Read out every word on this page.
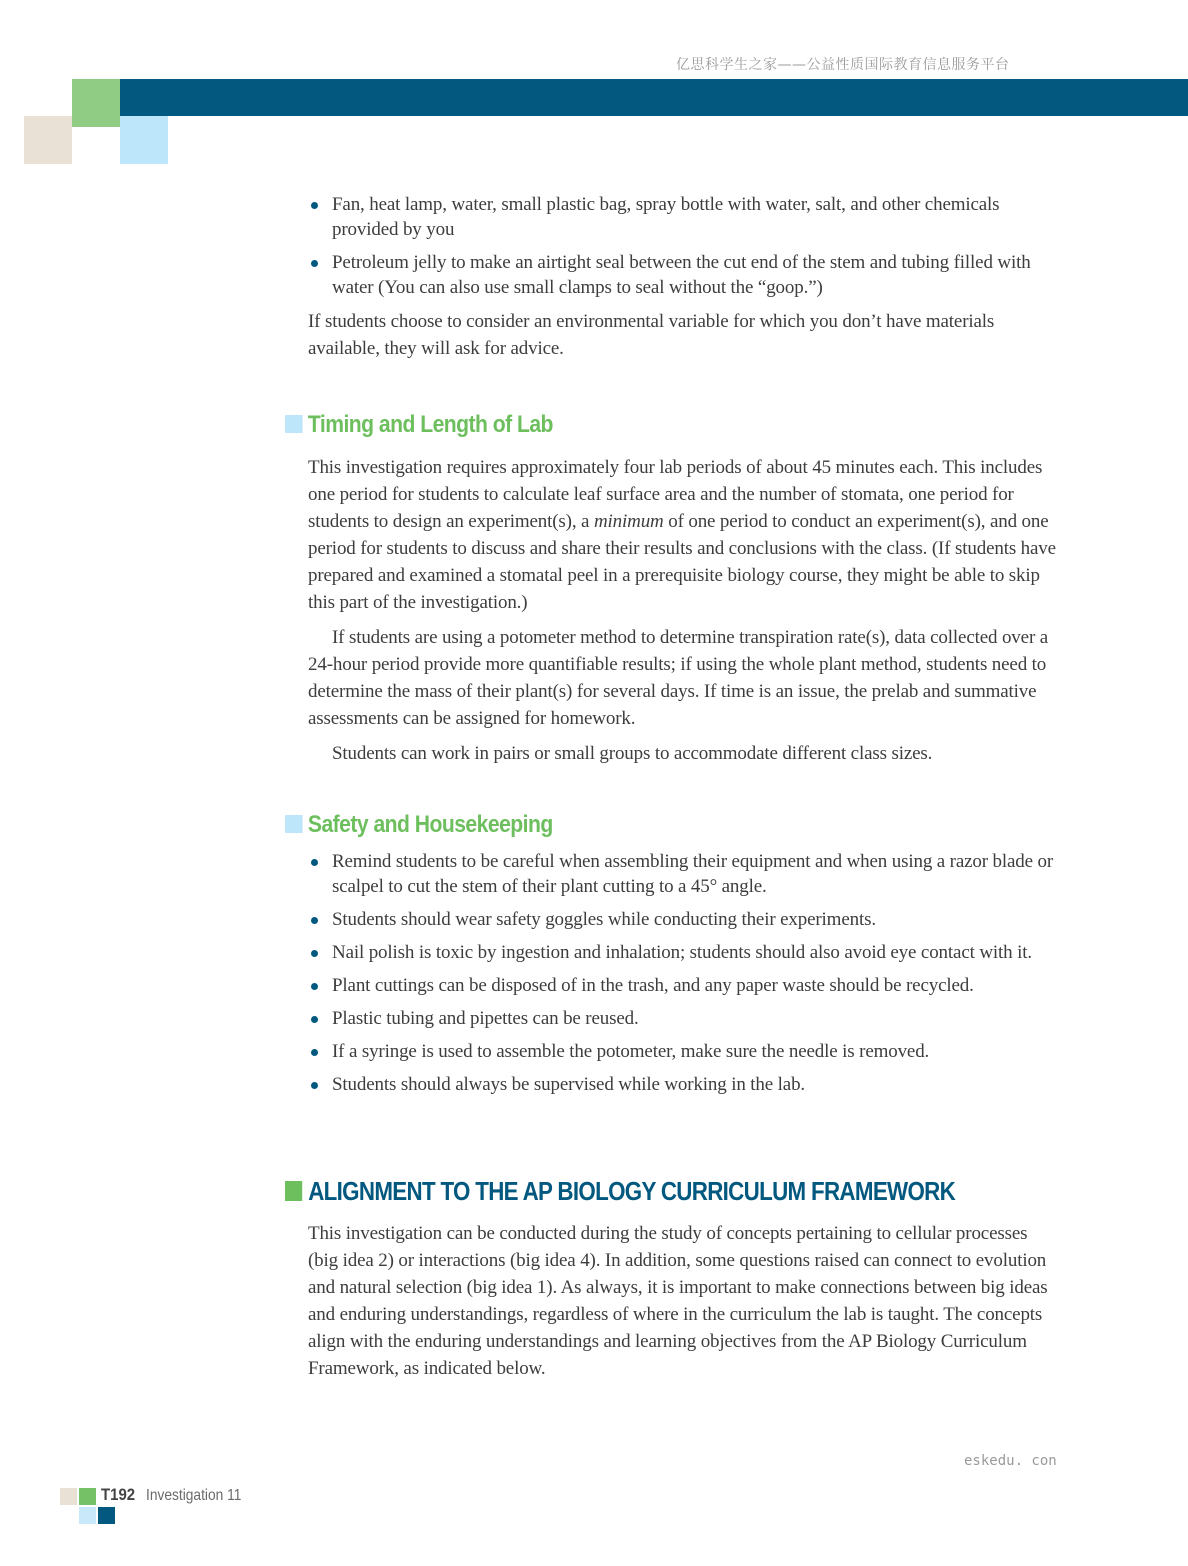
亿思科学生之家——公益性质国际教育信息服务平台
Fan, heat lamp, water, small plastic bag, spray bottle with water, salt, and other chemicals provided by you
Petroleum jelly to make an airtight seal between the cut end of the stem and tubing filled with water (You can also use small clamps to seal without the “goop.”)

If students choose to consider an environmental variable for which you don’t have materials available, they will ask for advice.

Timing and Length of Lab

This investigation requires approximately four lab periods of about 45 minutes each. This includes one period for students to calculate leaf surface area and the number of stomata, one period for students to design an experiment(s), a minimum of one period to conduct an experiment(s), and one period for students to discuss and share their results and conclusions with the class. (If students have prepared and examined a stomatal peel in a prerequisite biology course, they might be able to skip this part of the investigation.)

If students are using a potometer method to determine transpiration rate(s), data collected over a 24-hour period provide more quantifiable results; if using the whole plant method, students need to determine the mass of their plant(s) for several days. If time is an issue, the prelab and summative assessments can be assigned for homework.

Students can work in pairs or small groups to accommodate different class sizes.

Safety and Housekeeping
Remind students to be careful when assembling their equipment and when using a razor blade or scalpel to cut the stem of their plant cutting to a 45° angle.
Students should wear safety goggles while conducting their experiments.
Nail polish is toxic by ingestion and inhalation; students should also avoid eye contact with it.
Plant cuttings can be disposed of in the trash, and any paper waste should be recycled.
Plastic tubing and pipettes can be reused.
If a syringe is used to assemble the potometer, make sure the needle is removed.
Students should always be supervised while working in the lab.
ALIGNMENT TO THE AP BIOLOGY CURRICULUM FRAMEWORK

This investigation can be conducted during the study of concepts pertaining to cellular processes (big idea 2) or interactions (big idea 4). In addition, some questions raised can connect to evolution and natural selection (big idea 1). As always, it is important to make connections between big ideas and enduring understandings, regardless of where in the curriculum the lab is taught. The concepts align with the enduring understandings and learning objectives from the AP Biology Curriculum Framework, as indicated below.

eskedu. con
T192 Investigation 11
